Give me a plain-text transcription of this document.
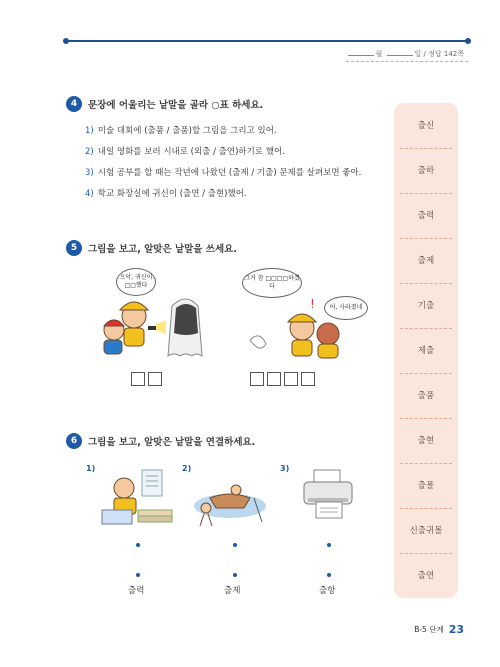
월	일 / 정답 142쪽
출신
출하
출력
출제
기출
제출
출품
출현
출몰
신출귀몰
출연
4	문장에 어울리는 낱말을 골라 ○표 하세요.
1) 미술 대회에 (출품 / 출품)할 그림을 그리고 있어.
2) 내일 영화를 보러 시내로 (외출 / 출연)하기로 했어.
3) 시험 공부를 할 때는 작년에 나왔던 (출제 / 기출) 문제를 살펴보면 좋아.
4) 학교 화장실에 귀신이 (출연 / 출현)했어.
5	그림을 보고, 알맞은 낱말을 쓰세요.
으악, 귀신이 □□했다
!
그거 참 □□□□하겠다
어, 사라졌네
6	그림을 보고, 알맞은 낱말을 연결하세요.
1)	2)	3)
출력	출제	출항
B-5 단계 23
